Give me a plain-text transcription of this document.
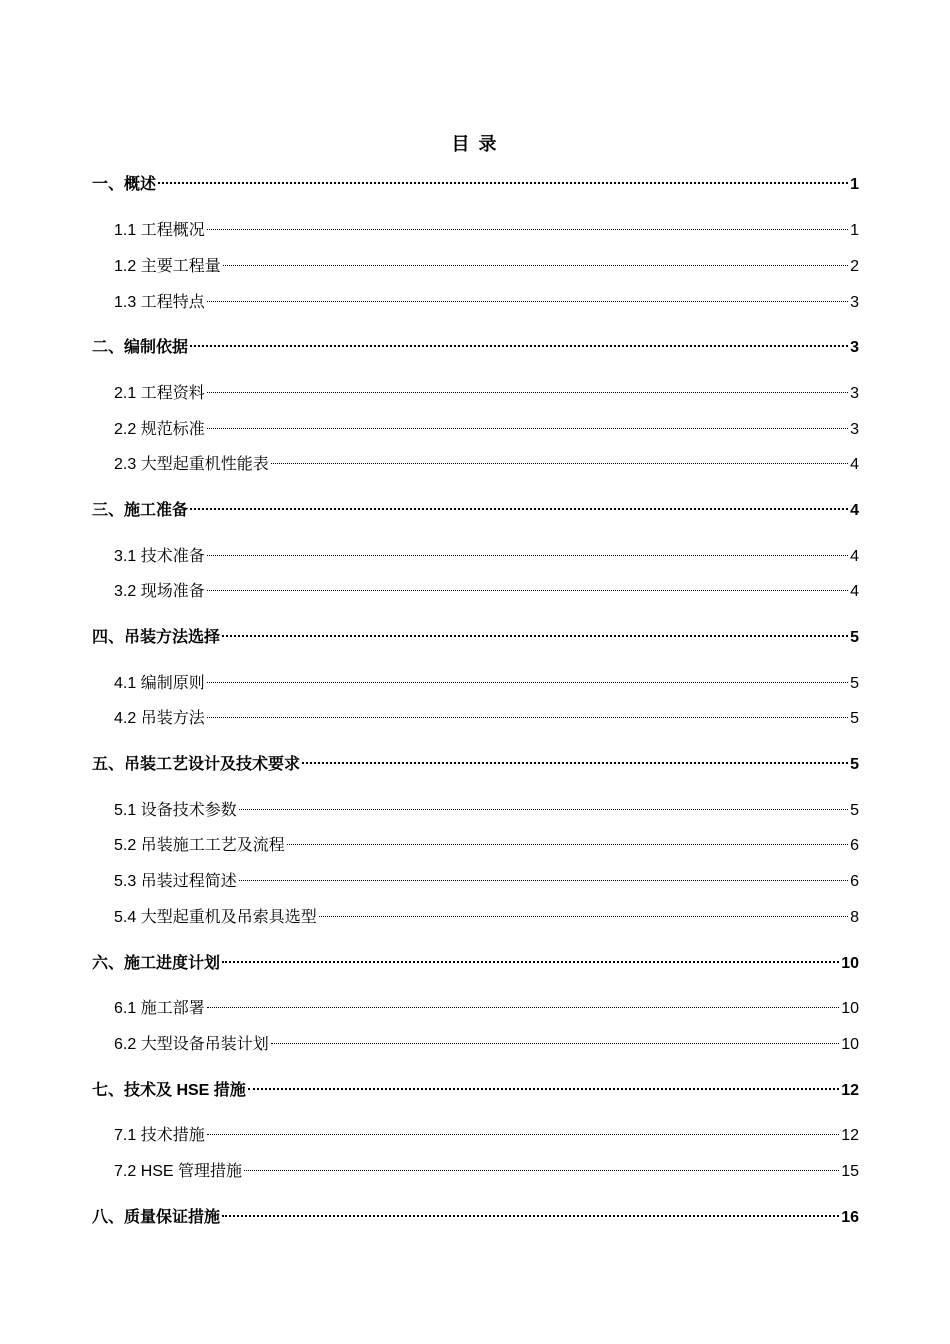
目 录
一、概述	1
1.1 工程概况	1
1.2 主要工程量	2
1.3 工程特点	3
二、编制依据	3
2.1 工程资料	3
2.2 规范标准	3
2.3 大型起重机性能表	4
三、施工准备	4
3.1 技术准备	4
3.2 现场准备	4
四、吊装方法选择	5
4.1 编制原则	5
4.2 吊装方法	5
五、吊装工艺设计及技术要求	5
5.1 设备技术参数	5
5.2 吊装施工工艺及流程	6
5.3 吊装过程简述	6
5.4 大型起重机及吊索具选型	8
六、施工进度计划	10
6.1 施工部署	10
6.2 大型设备吊装计划	10
七、技术及 HSE 措施	12
7.1 技术措施	12
7.2 HSE 管理措施	15
八、质量保证措施	16
